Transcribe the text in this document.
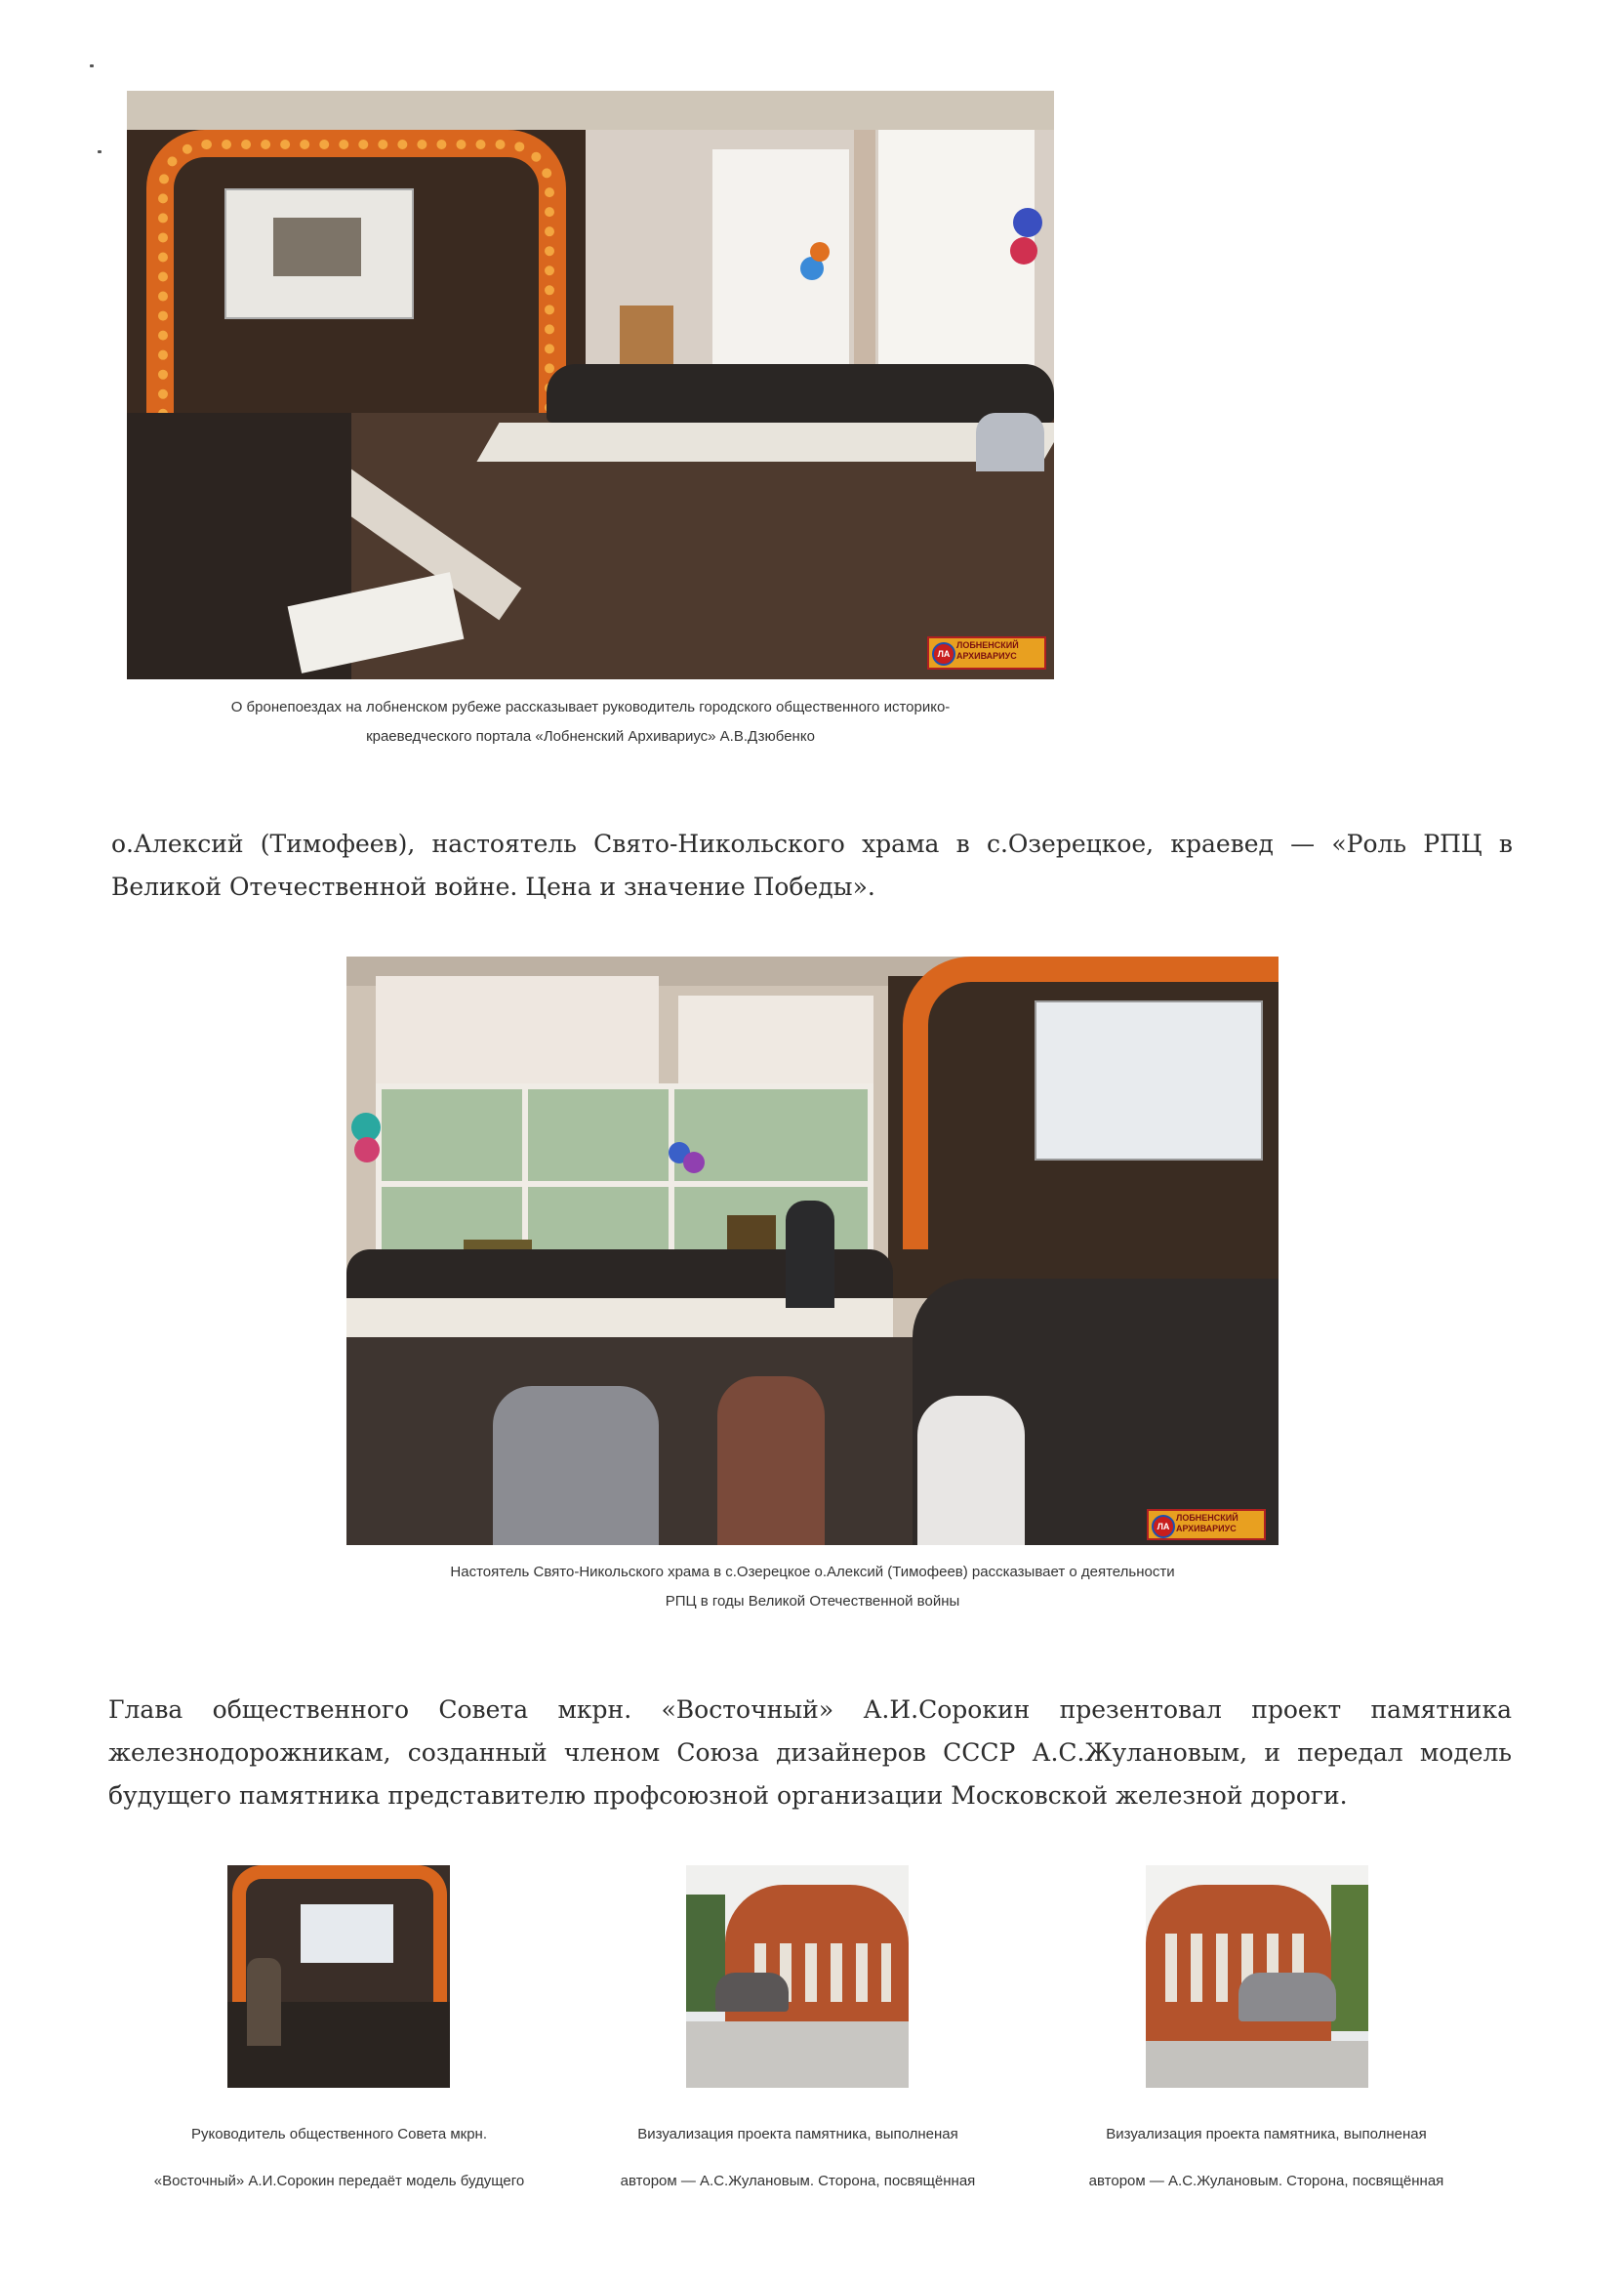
ЛА
ЛОБНЕНСКИЙ
АРХИВАРИУС
О бронепоездах на лобненском рубеже рассказывает руководитель городского общественного историко-
краеведческого портала «Лобненский Архивариус» А.В.Дзюбенко
о.Алексий (Тимофеев), настоятель Свято-Никольского храма в с.Озерецкое, краевед — «Роль РПЦ в Великой Отечественной войне. Цена и значение Победы».
ЛА
ЛОБНЕНСКИЙ
АРХИВАРИУС
Настоятель Свято-Никольского храма в с.Озерецкое о.Алексий (Тимофеев) рассказывает о деятельности
РПЦ в годы Великой Отечественной войны
Глава общественного Совета мкрн. «Восточный» А.И.Сорокин презентовал проект памятника железнодорожникам, созданный членом Союза дизайнеров СССР А.С.Жулановым, и передал модель будущего памятника представителю профсоюзной организации Московской железной дороги.
Руководитель общественного Совета мкрн.
«Восточный» А.И.Сорокин передаёт модель будущего
Визуализация проекта памятника, выполненая
автором — А.С.Жулановым. Сторона, посвящённая
Визуализация проекта памятника, выполненая
автором — А.С.Жулановым. Сторона, посвящённая
